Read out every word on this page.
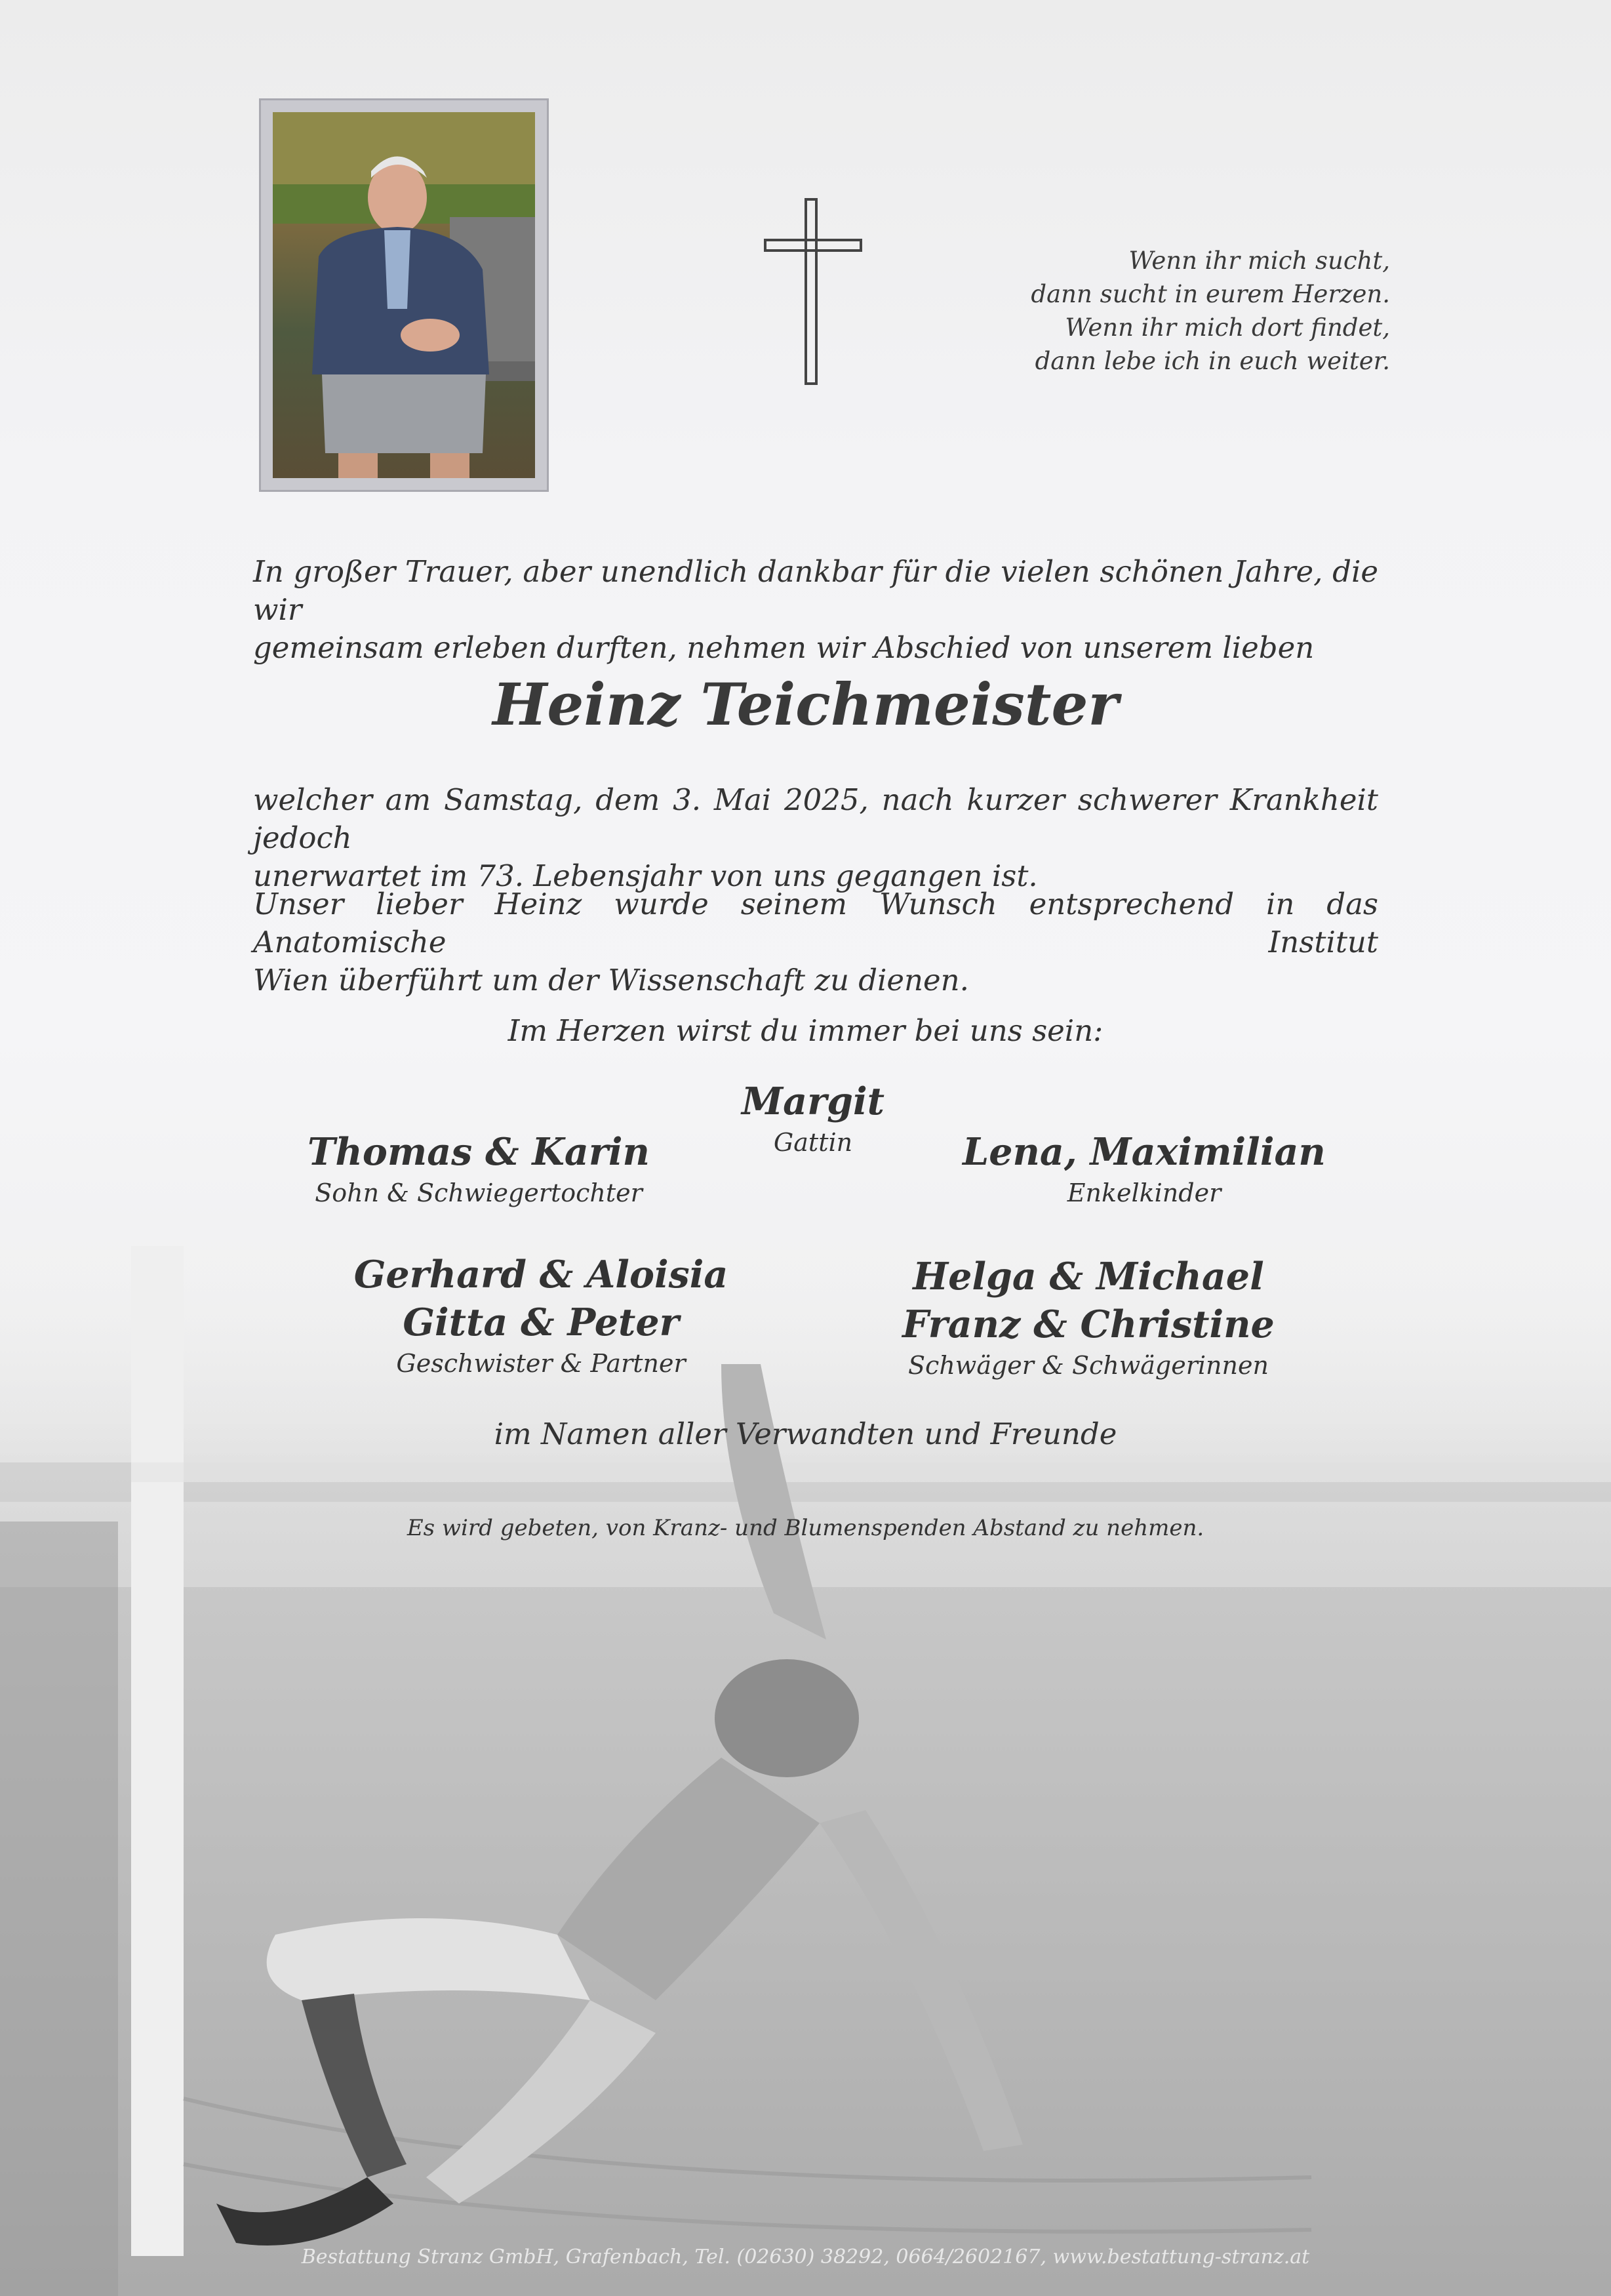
Wenn ihr mich sucht,
dann sucht in eurem Herzen.
Wenn ihr mich dort findet,
dann lebe ich in euch weiter.
In großer Trauer, aber unendlich dankbar für die vielen schönen Jahre, die wir
gemeinsam erleben durften, nehmen wir Abschied von unserem lieben
Heinz Teichmeister
welcher am Samstag, dem 3. Mai 2025, nach kurzer schwerer Krankheit jedoch
unerwartet im 73. Lebensjahr von uns gegangen ist.
Unser lieber Heinz wurde seinem Wunsch entsprechend in das Anatomische Institut
Wien überführt um der Wissenschaft zu dienen.
Im Herzen wirst du immer bei uns sein:
Margit
Gattin
Thomas & Karin
Sohn & Schwiegertochter
Lena, Maximilian
Enkelkinder
Gerhard & Aloisia
Gitta & Peter
Geschwister & Partner
Helga & Michael
Franz & Christine
Schwäger & Schwägerinnen
im Namen aller Verwandten und Freunde
Es wird gebeten, von Kranz- und Blumenspenden Abstand zu nehmen.
Bestattung Stranz GmbH, Grafenbach, Tel. (02630) 38292, 0664/2602167, www.bestattung-stranz.at
